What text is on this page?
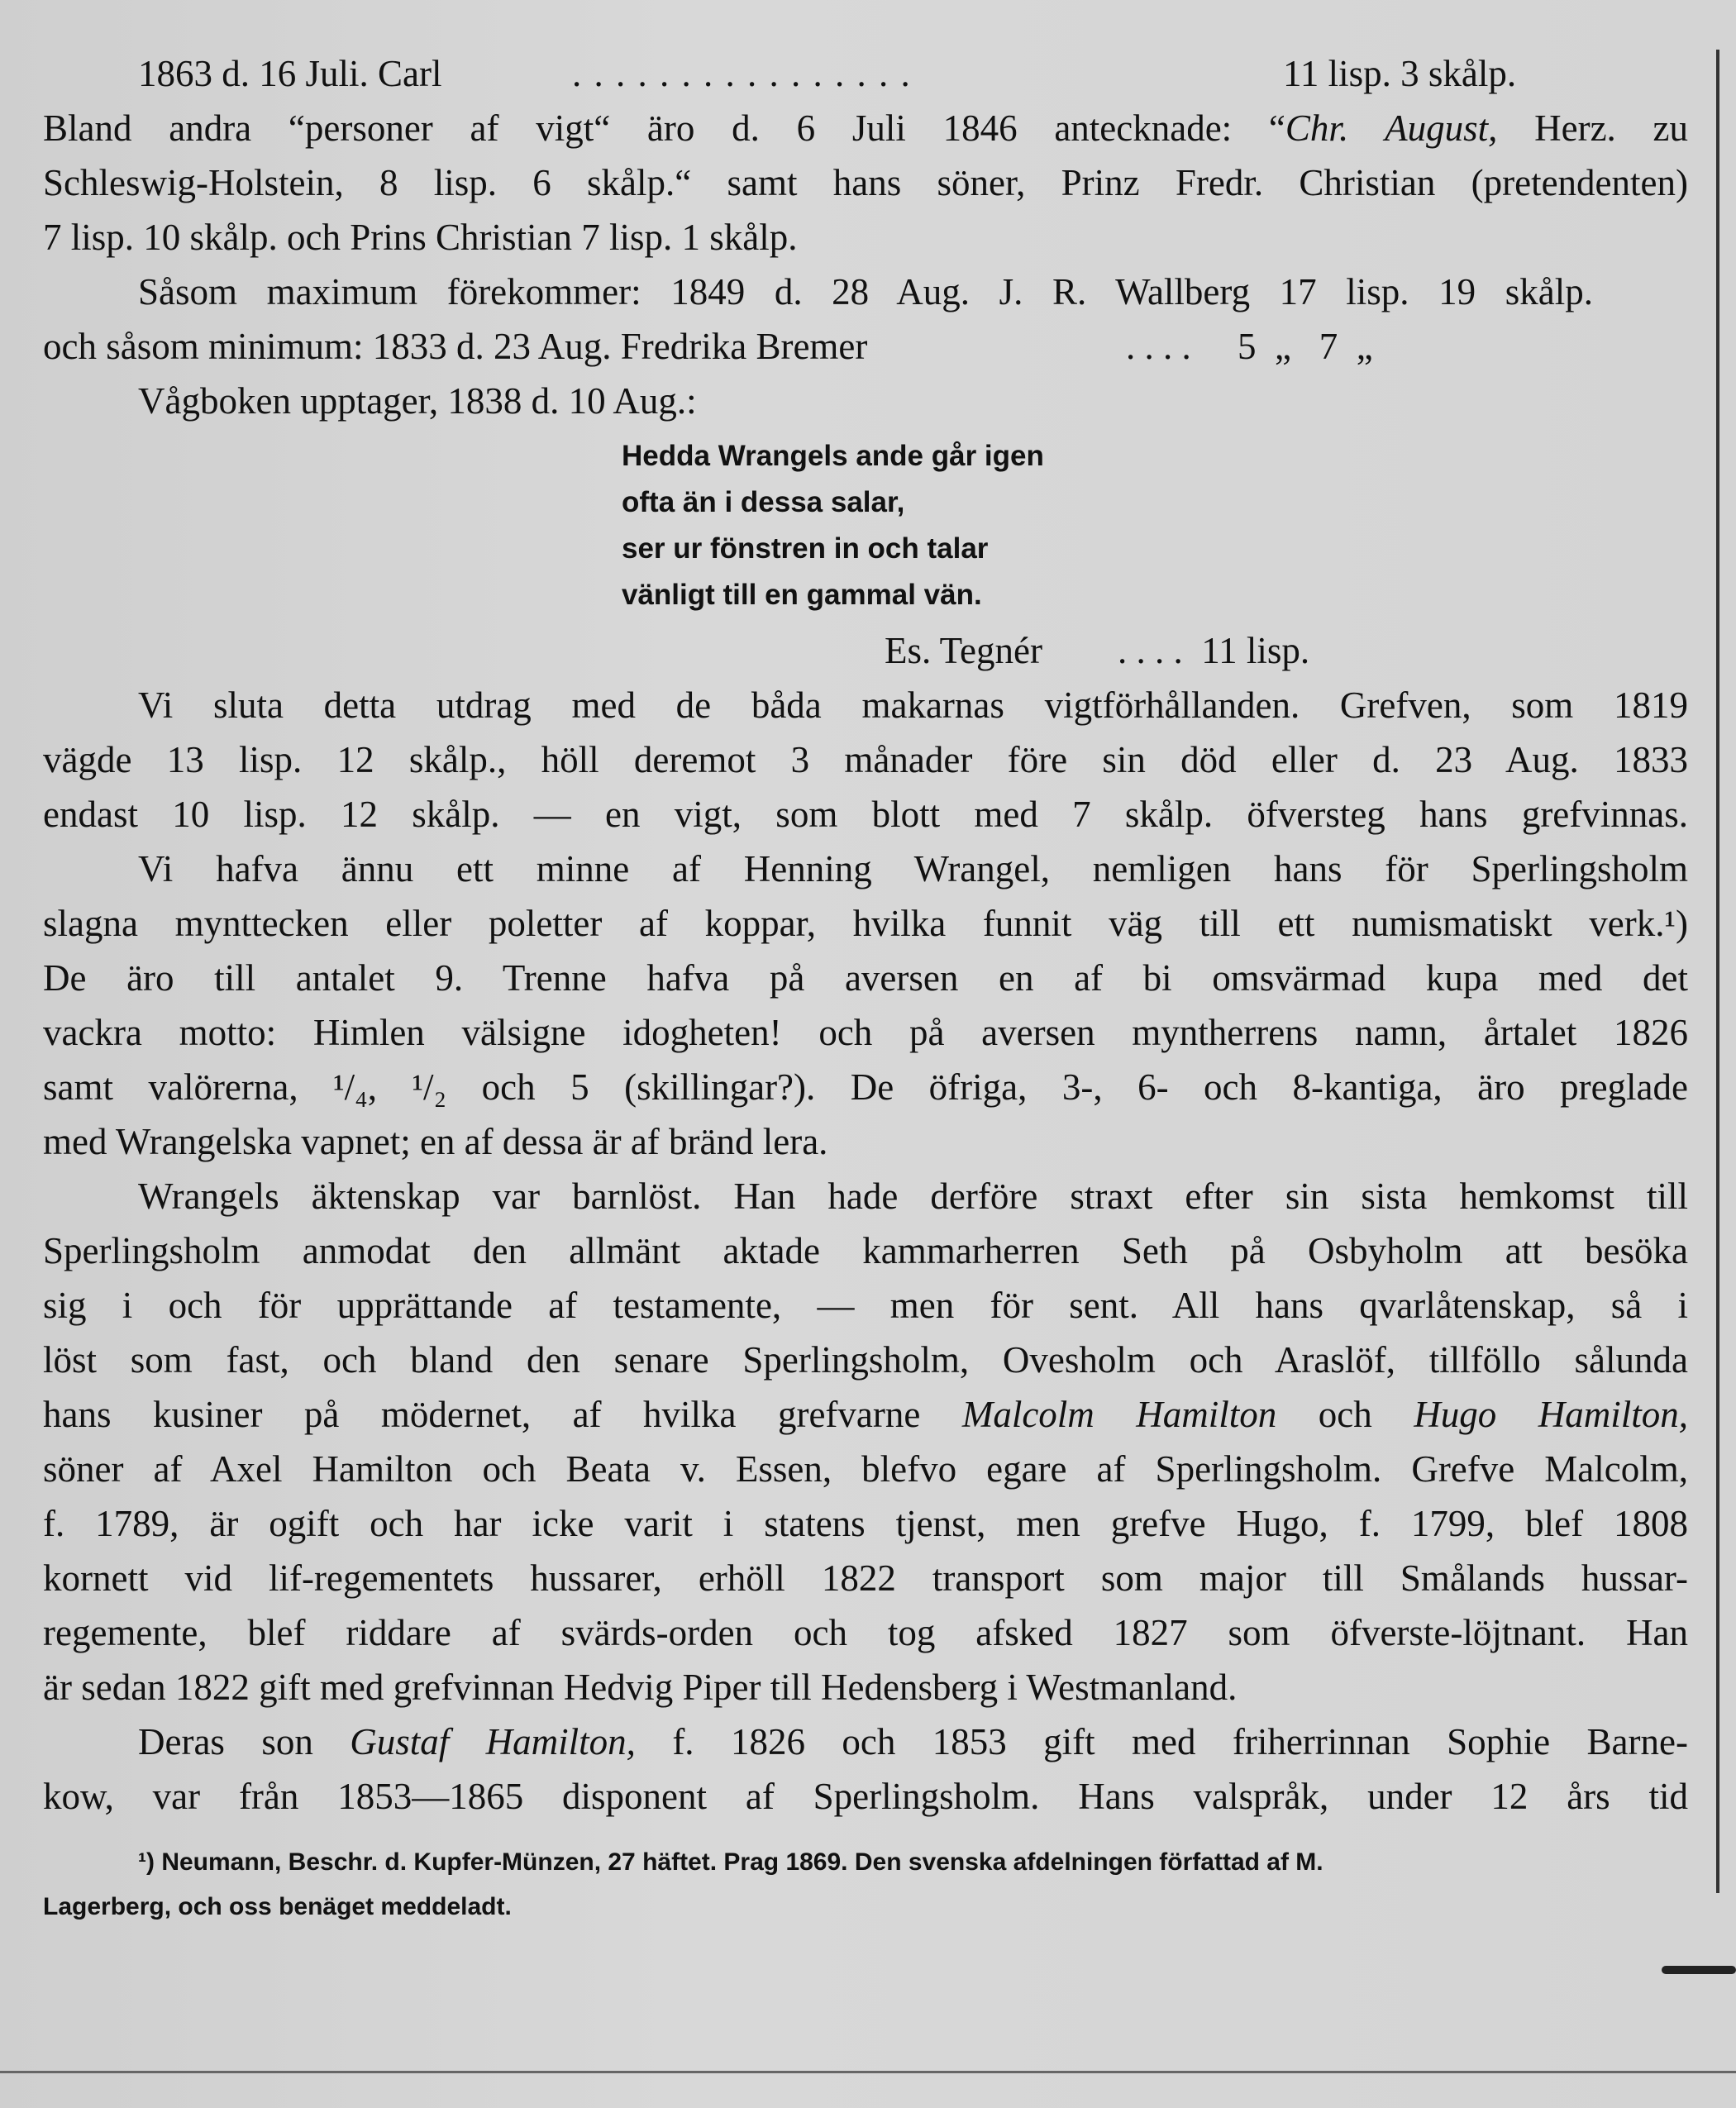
1863 d. 16 Juli. Carl	. . . . . . . . . . . . . . . .	11 lisp. 3 skålp.
Bland andra “personer af vigt“ äro d. 6 Juli 1846 antecknade: “Chr. August, Herz. zu
Schleswig-Holstein, 8 lisp. 6 skålp.“ samt hans söner, Prinz Fredr. Christian (pretendenten)
7 lisp. 10 skålp. och Prins Christian 7 lisp. 1 skålp.
Såsom maximum förekommer: 1849 d. 28 Aug. J. R. Wallberg 17 lisp. 19 skålp.
och såsom minimum: 1833 d. 23 Aug. Fredrika Bremer	. . . .     5  „   7  „
Vågboken upptager, 1838 d. 10 Aug.:
Hedda Wrangels ande går igen
ofta än i dessa salar,
ser ur fönstren in och talar
vänligt till en gammal vän.
Es. Tegnér . . . .  11 lisp.
Vi sluta detta utdrag med de båda makarnas vigtförhållanden. Grefven, som 1819
vägde 13 lisp. 12 skålp., höll deremot 3 månader före sin död eller d. 23 Aug. 1833
endast 10 lisp. 12 skålp. — en vigt, som blott med 7 skålp. öfversteg hans grefvinnas.
Vi hafva ännu ett minne af Henning Wrangel, nemligen hans för Sperlingsholm
slagna mynttecken eller poletter af koppar, hvilka funnit väg till ett numismatiskt verk.¹)
De äro till antalet 9. Trenne hafva på aversen en af bi omsvärmad kupa med det
vackra motto: Himlen välsigne idogheten! och på aversen myntherrens namn, årtalet 1826
samt valörerna, ¹/₄, ¹/₂ och 5 (skillingar?). De öfriga, 3-, 6- och 8-kantiga, äro preglade
med Wrangelska vapnet; en af dessa är af bränd lera.
Wrangels äktenskap var barnlöst. Han hade derföre straxt efter sin sista hemkomst till
Sperlingsholm anmodat den allmänt aktade kammarherren Seth på Osbyholm att besöka
sig i och för upprättande af testamente, — men för sent. All hans qvarlåtenskap, så i
löst som fast, och bland den senare Sperlingsholm, Ovesholm och Araslöf, tillföllo sålunda
hans kusiner på mödernet, af hvilka grefvarne Malcolm Hamilton och Hugo Hamilton,
söner af Axel Hamilton och Beata v. Essen, blefvo egare af Sperlingsholm. Grefve Malcolm,
f. 1789, är ogift och har icke varit i statens tjenst, men grefve Hugo, f. 1799, blef 1808
kornett vid lif-regementets hussarer, erhöll 1822 transport som major till Smålands hussar-
regemente, blef riddare af svärds-orden och tog afsked 1827 som öfverste-löjtnant. Han
är sedan 1822 gift med grefvinnan Hedvig Piper till Hedensberg i Westmanland.
Deras son Gustaf Hamilton, f. 1826 och 1853 gift med friherrinnan Sophie Barne-
kow, var från 1853—1865 disponent af Sperlingsholm. Hans valspråk, under 12 års tid
¹) Neumann, Beschr. d. Kupfer-Münzen, 27 häftet. Prag 1869. Den svenska afdelningen författad af M.
Lagerberg, och oss benäget meddeladt.
